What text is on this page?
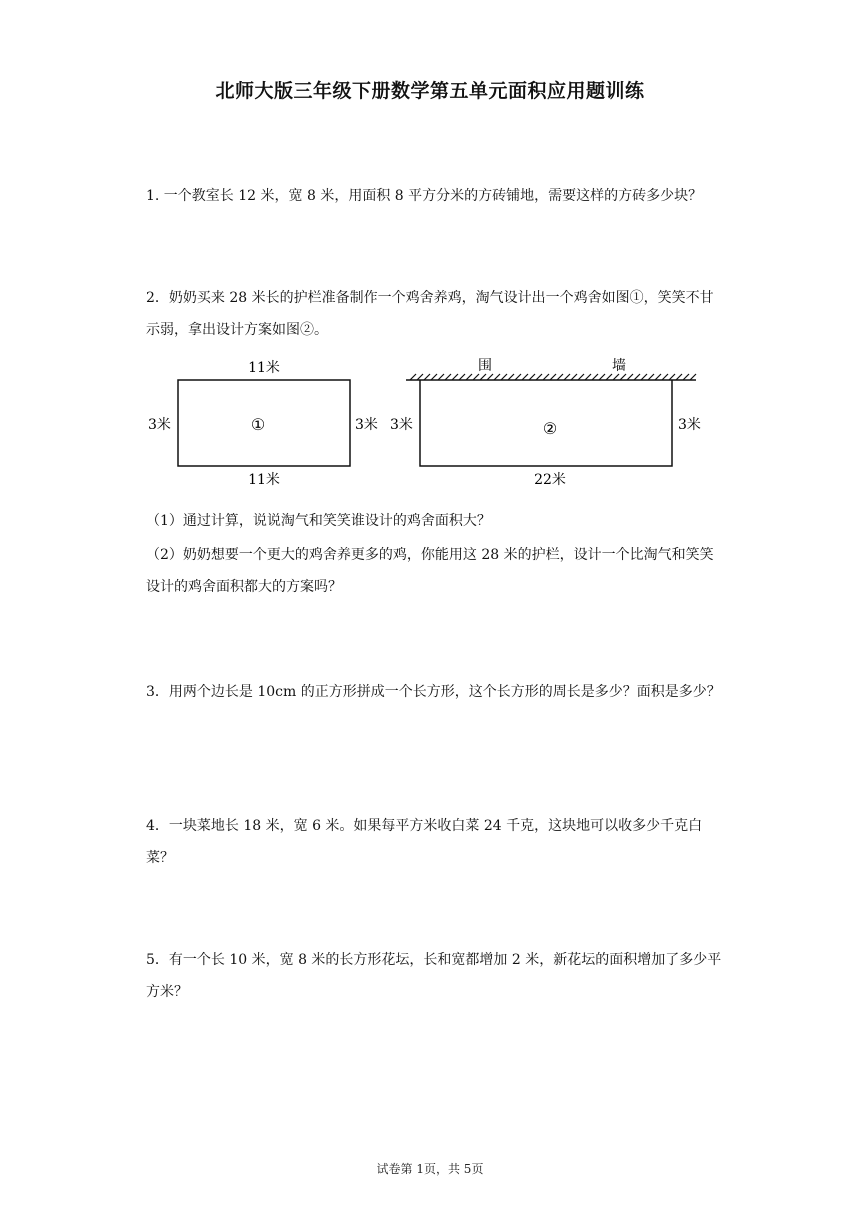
北师大版三年级下册数学第五单元面积应用题训练
1. 一个教室长 12 米，宽 8 米，用面积 8 平方分米的方砖铺地，需要这样的方砖多少块？
2．奶奶买来 28 米长的护栏准备制作一个鸡舍养鸡，淘气设计出一个鸡舍如图①，笑笑不甘示弱，拿出设计方案如图②。
11米
11米
3米	3米
①
围	墙
3米	3米
22米
②
（1）通过计算，说说淘气和笑笑谁设计的鸡舍面积大？
（2）奶奶想要一个更大的鸡舍养更多的鸡，你能用这 28 米的护栏，设计一个比淘气和笑笑设计的鸡舍面积都大的方案吗？
3．用两个边长是 10cm 的正方形拼成一个长方形，这个长方形的周长是多少？面积是多少？
4．一块菜地长 18 米，宽 6 米。如果每平方米收白菜 24 千克，这块地可以收多少千克白菜？
5．有一个长 10 米，宽 8 米的长方形花坛，长和宽都增加 2 米，新花坛的面积增加了多少平方米？
试卷第 1页，共 5页
